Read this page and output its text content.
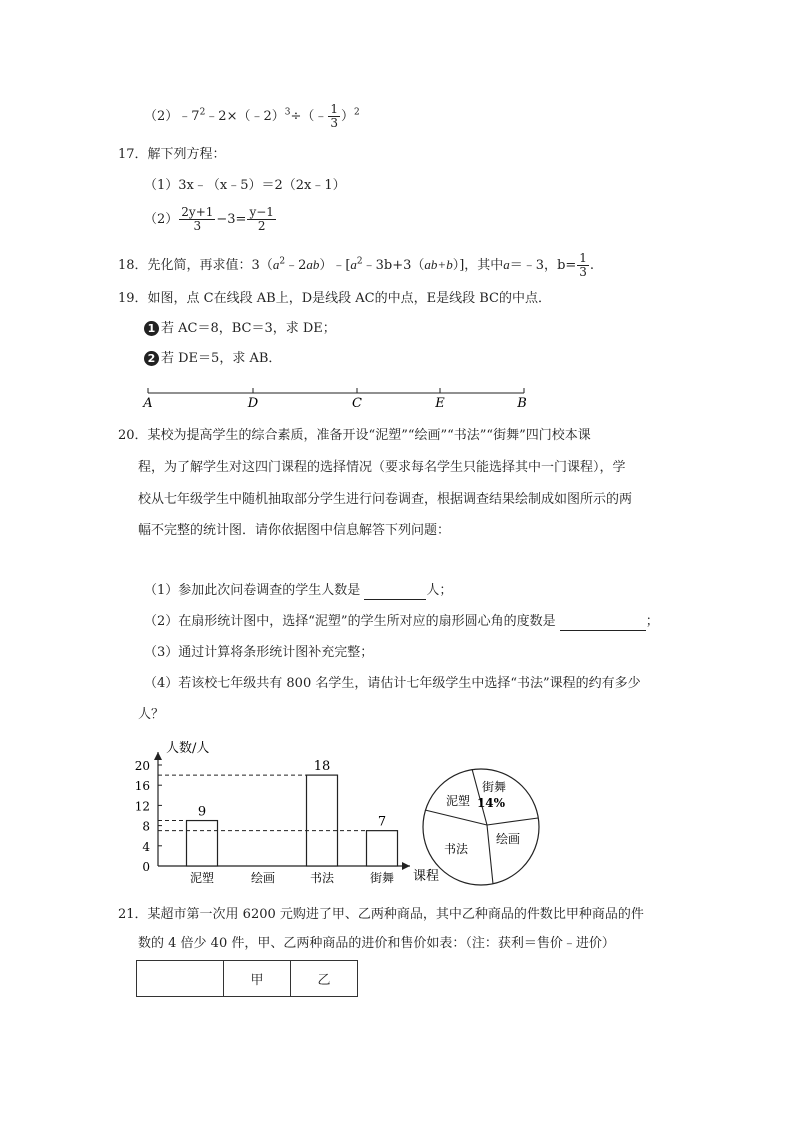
$(2)﹣7^2﹣2\times(﹣2)^3\div(﹣ \frac{1}{3} )^2$
17．解下列方程：
（1）3x﹣（x﹣5）＝2（2x﹣1）
$(2) \frac{2y+1}{3} -3= \frac{y-1}{2}$
18．先化简，再求值：$3(a^2﹣2ab)﹣[a^2﹣3b+3(ab+b)]$，其中a＝﹣3，$b= \frac{1}{3}$ .
19．如图，点 C在线段 AB上，D是线段 AC的中点，E是线段 BC的中点．
1 若 AC＝8，BC＝3，求 DE；
2 若 DE＝5，求 AB．
A	D	C	E	B
20．某校为提高学生的综合素质，准备开设“泥塑”“绘画”“书法”“街舞”四门校本课
程，为了解学生对这四门课程的选择情况（要求每名学生只能选择其中一门课程），学
校从七年级学生中随机抽取部分学生进行问卷调查，根据调查结果绘制成如图所示的两
幅不完整的统计图．请你依据图中信息解答下列问题：
（1）参加此次问卷调查的学生人数是	人；
（2）在扇形统计图中，选择“泥塑”的学生所对应的扇形圆心角的度数是	；
（3）通过计算将条形统计图补充完整；
（4）若该校七年级共有 800 名学生，请估计七年级学生中选择“书法”课程的约有多少
人？
人数/人
课程
0
4
8
12
16
20
9
泥塑	绘画
18
书法
7
街舞
街舞
泥塑
书法
绘画
14%
21．某超市第一次用 6200 元购进了甲、乙两种商品，其中乙种商品的件数比甲种商品的件
数的 4 倍少 40 件，甲、乙两种商品的进价和售价如表：（注：获利＝售价﹣进价）
	甲	乙
